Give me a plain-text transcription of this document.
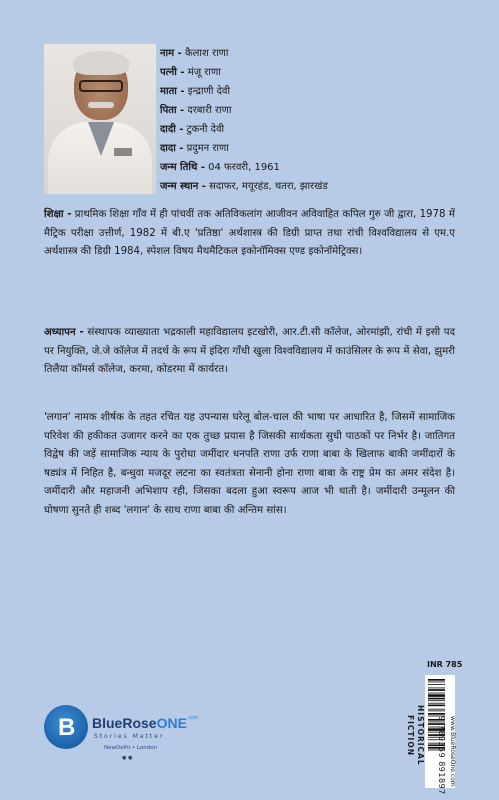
नाम - कैलाश राणा
पत्नी - मंजू राणा
माता - इन्द्राणी देवी
पिता - दरबारी राणा
दादी - टुकनी देवी
दादा - प्रदुमन राणा
जन्म तिथि - 04 फरवरी, 1961
जन्म स्थान - सदाफर, मयूरहंड, चतरा, झारखंड

शिक्षा - प्राथमिक शिक्षा गाँव में ही पांचवीं तक अतिविकलांग आजीवन अविवाहित कपिल गुरु जी द्वारा, 1978 में मैट्रिक परीक्षा उत्तीर्ण, 1982 में बी.ए 'प्रतिष्ठा' अर्थशास्त्र की डिग्री प्राप्त तथा रांची विश्वविद्यालय से एम.ए अर्थशास्त्र की डिग्री 1984, स्पेशल विषय मैथमैटिकल इकोनॉमिक्स एण्ड इकोनॉमेट्रिक्स।

अध्यापन - संस्थापक व्याख्याता भद्रकाली महाविद्यालय इटखोरी, आर.टी.सी कॉलेज, ओरमांझी, रांची में इसी पद पर नियुक्ति, जे.जे कॉलेज में तदर्थ के रूप में इंदिरा गाँधी खुला विश्वविद्यालय में काउंसिलर के रूप में सेवा, झुमरी तिलैया कॉमर्स कॉलेज, करमा, कोडरमा में कार्यरत।

'लगान' नामक शीर्षक के तहत रचित यह उपन्यास घरेलू बोल-चाल की भाषा पर आधारित है, जिसमें सामाजिक परिवेश की हकीकत उजागर करने का एक तुच्छ प्रयास है जिसकी सार्थकता सुधी पाठकों पर निर्भर है। जातिगत विद्वेष की जड़ें सामाजिक न्याय के पुरोधा जमींदार धनपति राणा उर्फ राणा बाबा के खिलाफ बाकी जमींदारों के षड्यंत्र में निहित है, बन्धुवा मजदूर लटना का स्वतंत्रता सेनानी होना राणा बाबा के राष्ट्र प्रेम का अमर संदेश है। जमींदारी और महाजनी अभिशाप रही, जिसका बदला हुआ स्वरूप आज भी थाती है। जमींदारी उन्मूलन की घोषणा सुनते ही शब्द 'लगान' के साथ राणा बाबा की अन्तिम सांस।

B BlueRoseONE$^{.com}$
Stories Matter
NewDelhi • London
● ●
INR 785
HISTORICAL FICTION	9 789359 891897 www.BlueRoseOne.com
